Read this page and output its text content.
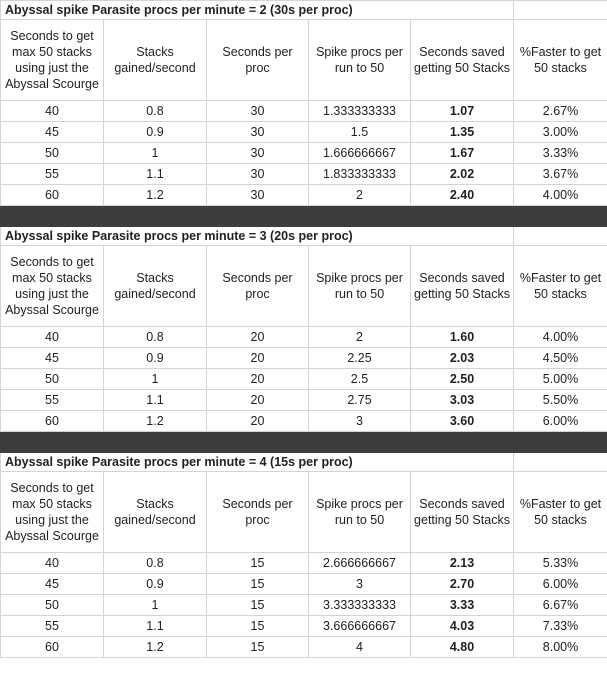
Abyssal spike Parasite procs per minute = 2 (30s per proc)					
Seconds to get max 50 stacks using just the Abyssal Scourge	Stacks gained/second	Seconds per proc	Spike procs per run to 50	Seconds saved getting 50 Stacks	%Faster to get 50 stacks
40	0.8	30	1.333333333	1.07	2.67%
45	0.9	30	1.5	1.35	3.00%
50	1	30	1.666666667	1.67	3.33%
55	1.1	30	1.833333333	2.02	3.67%
60	1.2	30	2	2.40	4.00%

Abyssal spike Parasite procs per minute = 3 (20s per proc)					
Seconds to get max 50 stacks using just the Abyssal Scourge	Stacks gained/second	Seconds per proc	Spike procs per run to 50	Seconds saved getting 50 Stacks	%Faster to get 50 stacks
40	0.8	20	2	1.60	4.00%
45	0.9	20	2.25	2.03	4.50%
50	1	20	2.5	2.50	5.00%
55	1.1	20	2.75	3.03	5.50%
60	1.2	20	3	3.60	6.00%

Abyssal spike Parasite procs per minute = 4 (15s per proc)					
Seconds to get max 50 stacks using just the Abyssal Scourge	Stacks gained/second	Seconds per proc	Spike procs per run to 50	Seconds saved getting 50 Stacks	%Faster to get 50 stacks
40	0.8	15	2.666666667	2.13	5.33%
45	0.9	15	3	2.70	6.00%
50	1	15	3.333333333	3.33	6.67%
55	1.1	15	3.666666667	4.03	7.33%
60	1.2	15	4	4.80	8.00%
